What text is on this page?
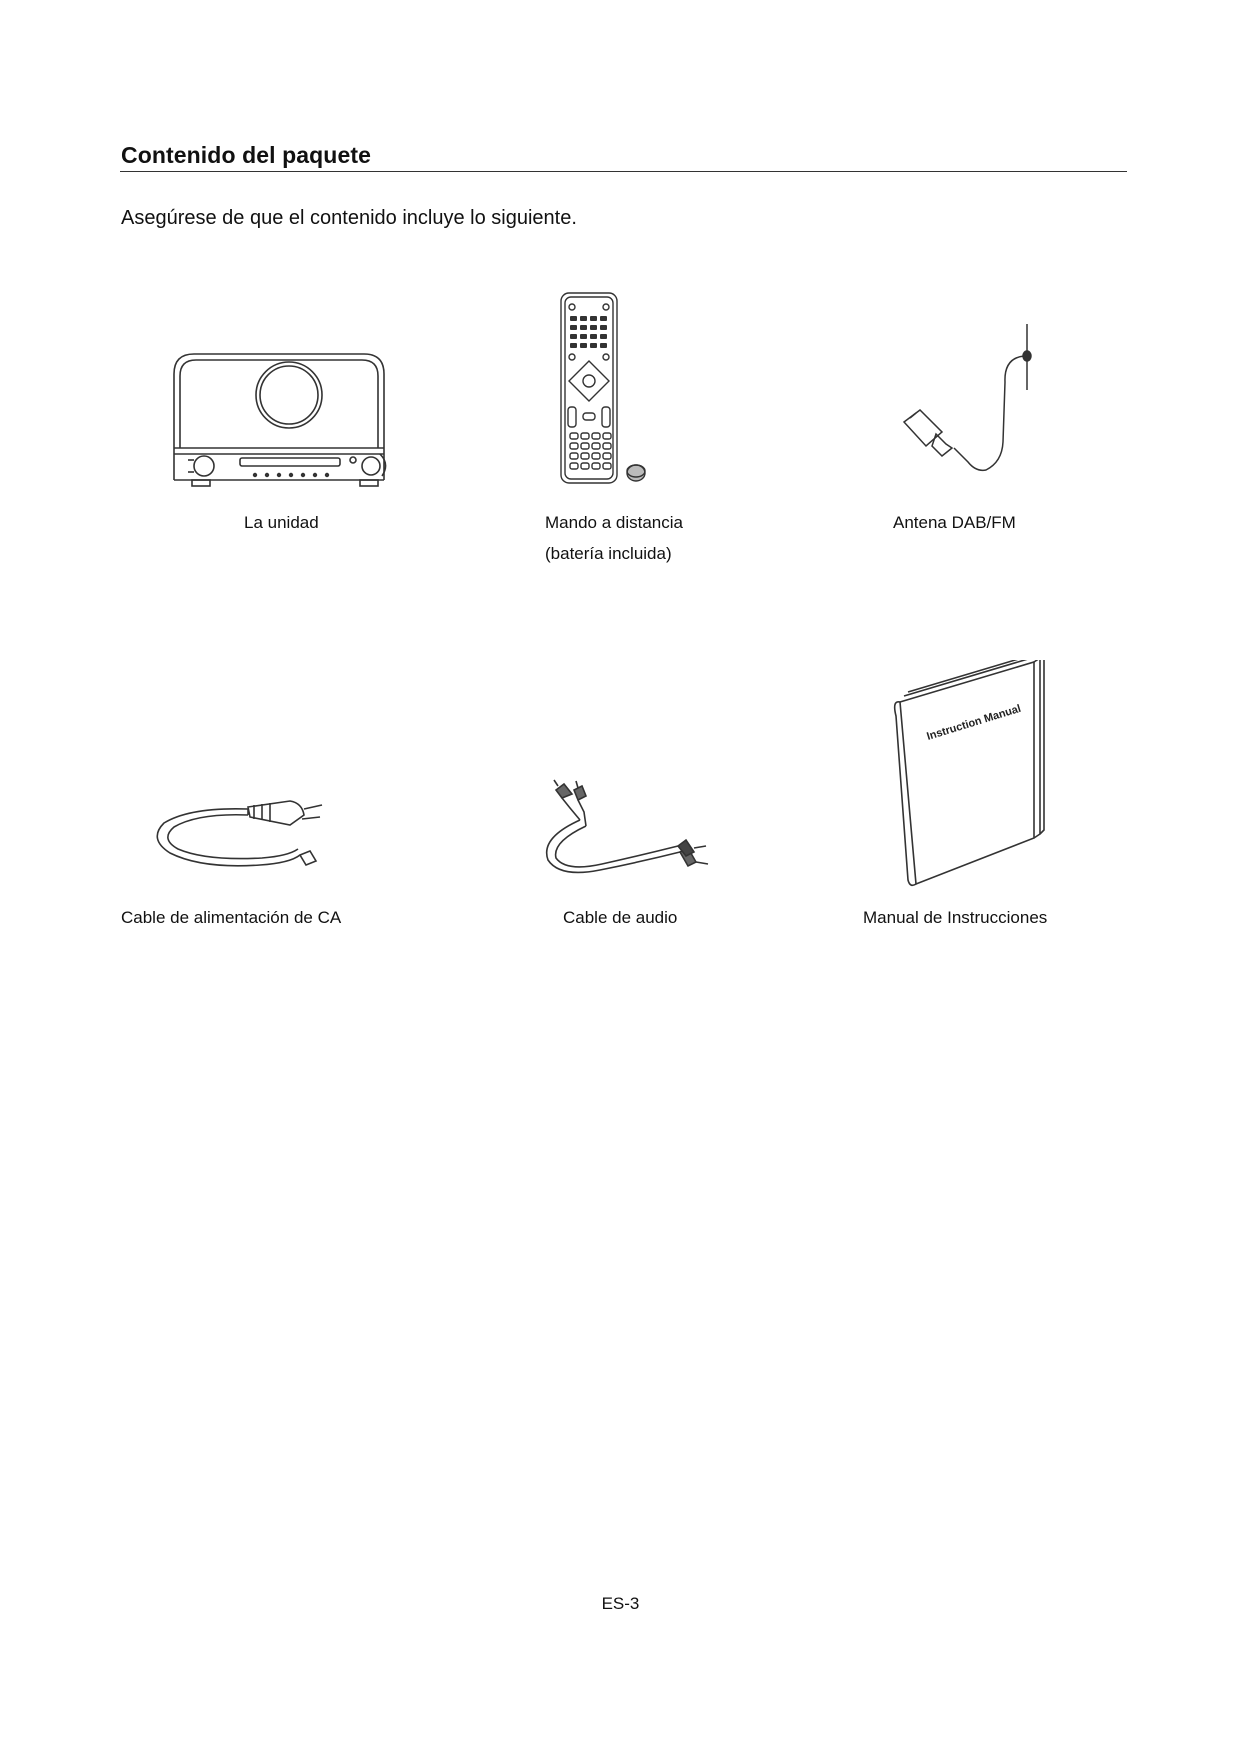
Contenido del paquete

Asegúrese de que el contenido incluye lo siguiente.

La unidad	Mando a distancia

(batería incluida)

Antena DAB/FM

Cable de alimentación de CA	Cable de audio

Instruction Manual

Manual de Instrucciones

ES-3
